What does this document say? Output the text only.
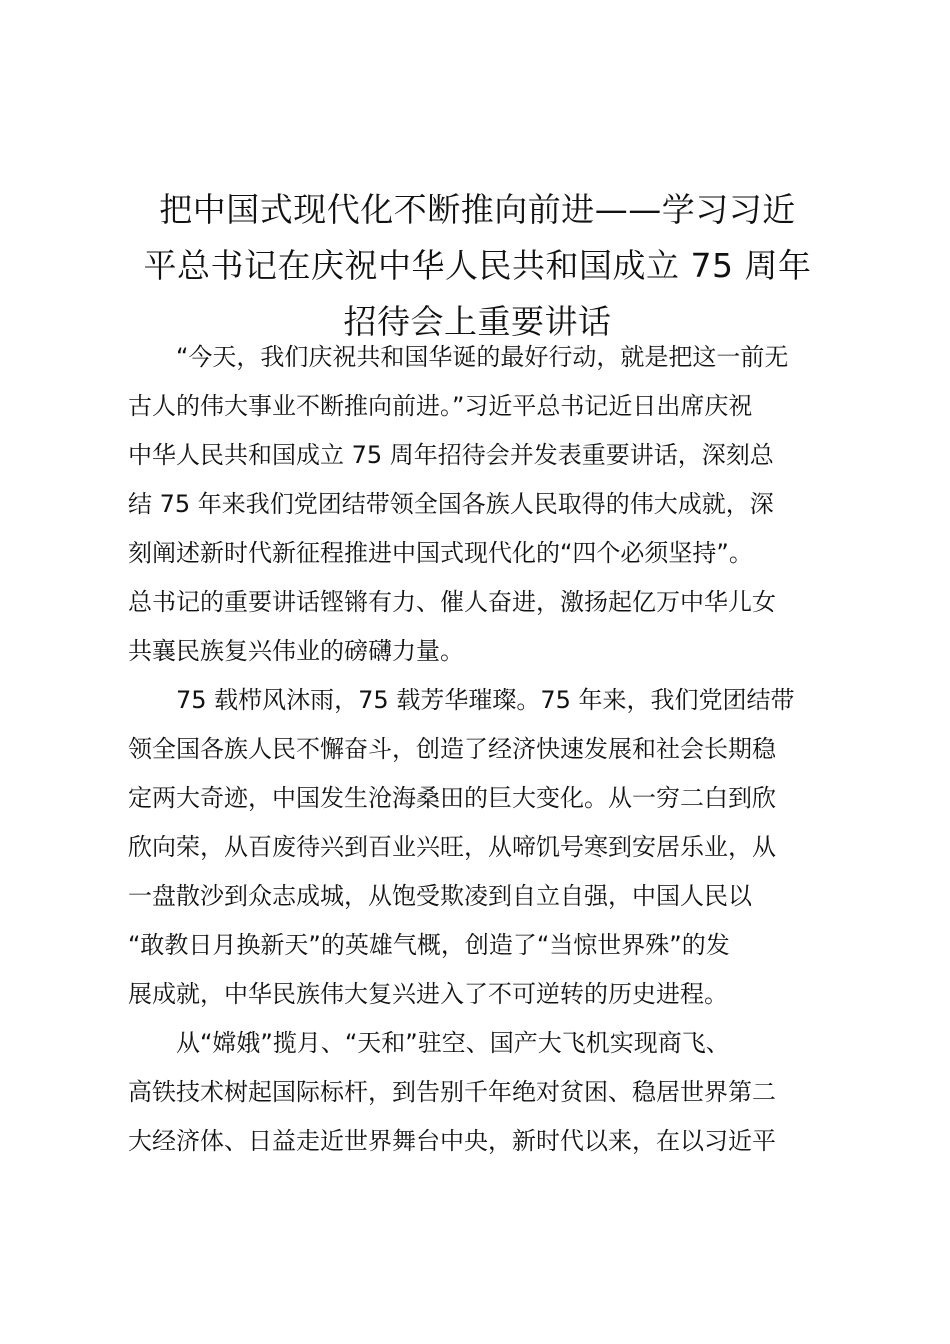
把中国式现代化不断推向前进——学习习近
平总书记在庆祝中华人民共和国成立 75 周年
招待会上重要讲话

“今天，我们庆祝共和国华诞的最好行动，就是把这一前无
古人的伟大事业不断推向前进。”习近平总书记近日出席庆祝
中华人民共和国成立 75 周年招待会并发表重要讲话，深刻总
结 75 年来我们党团结带领全国各族人民取得的伟大成就，深
刻阐述新时代新征程推进中国式现代化的“四个必须坚持”。
总书记的重要讲话铿锵有力、催人奋进，激扬起亿万中华儿女
共襄民族复兴伟业的磅礴力量。

75 载栉风沐雨，75 载芳华璀璨。75 年来，我们党团结带
领全国各族人民不懈奋斗，创造了经济快速发展和社会长期稳
定两大奇迹，中国发生沧海桑田的巨大变化。从一穷二白到欣
欣向荣，从百废待兴到百业兴旺，从啼饥号寒到安居乐业，从
一盘散沙到众志成城，从饱受欺凌到自立自强，中国人民以
“敢教日月换新天”的英雄气概，创造了“当惊世界殊”的发
展成就，中华民族伟大复兴进入了不可逆转的历史进程。

从“嫦娥”揽月、“天和”驻空、国产大飞机实现商飞、
高铁技术树起国际标杆，到告别千年绝对贫困、稳居世界第二
大经济体、日益走近世界舞台中央，新时代以来，在以习近平
